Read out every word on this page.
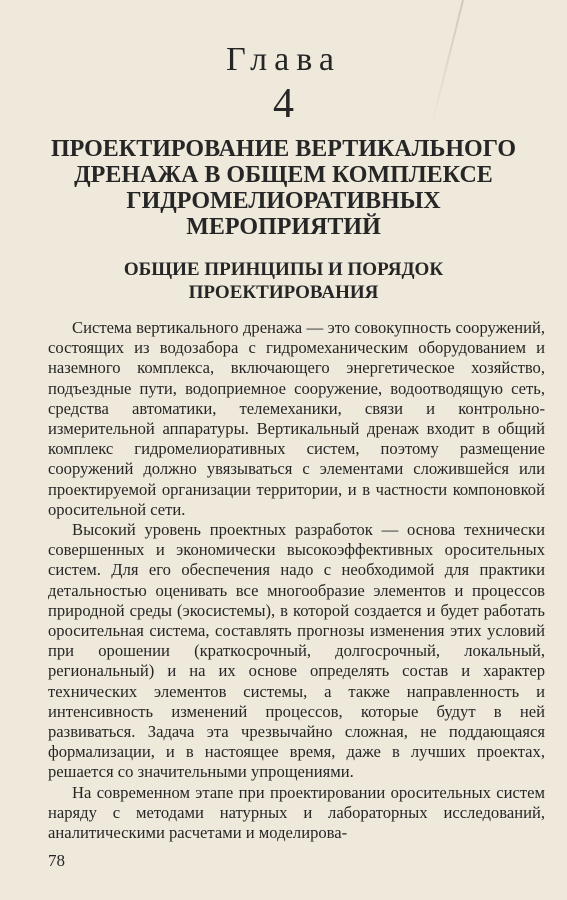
Глава
4
ПРОЕКТИРОВАНИЕ ВЕРТИКАЛЬНОГО ДРЕНАЖА В ОБЩЕМ КОМПЛЕКСЕ ГИДРОМЕЛИОРАТИВНЫХ МЕРОПРИЯТИЙ
ОБЩИЕ ПРИНЦИПЫ И ПОРЯДОК ПРОЕКТИРОВАНИЯ

Система вертикального дренажа — это совокупность сооружений, состоящих из водозабора с гидромеханическим оборудованием и наземного комплекса, включающего энергетическое хозяйство, подъездные пути, водоприемное сооружение, водоотводящую сеть, средства автоматики, телемеханики, связи и контрольно-измерительной аппаратуры. Вертикальный дренаж входит в общий комплекс гидромелиоративных систем, поэтому размещение сооружений должно увязываться с элементами сложившейся или проектируемой организации территории, и в частности компоновкой оросительной сети.

Высокий уровень проектных разработок — основа технически совершенных и экономически высокоэффективных оросительных систем. Для его обеспечения надо с необходимой для практики детальностью оценивать все многообразие элементов и процессов природной среды (экосистемы), в которой создается и будет работать оросительная система, составлять прогнозы изменения этих условий при орошении (краткосрочный, долгосрочный, локальный, региональный) и на их основе определять состав и характер технических элементов системы, а также направленность и интенсивность изменений процессов, которые будут в ней развиваться. Задача эта чрезвычайно сложная, не поддающаяся формализации, и в настоящее время, даже в лучших проектах, решается со значительными упрощениями.

На современном этапе при проектировании оросительных систем наряду с методами натурных и лабораторных исследований, аналитическими расчетами и моделирова-

78
